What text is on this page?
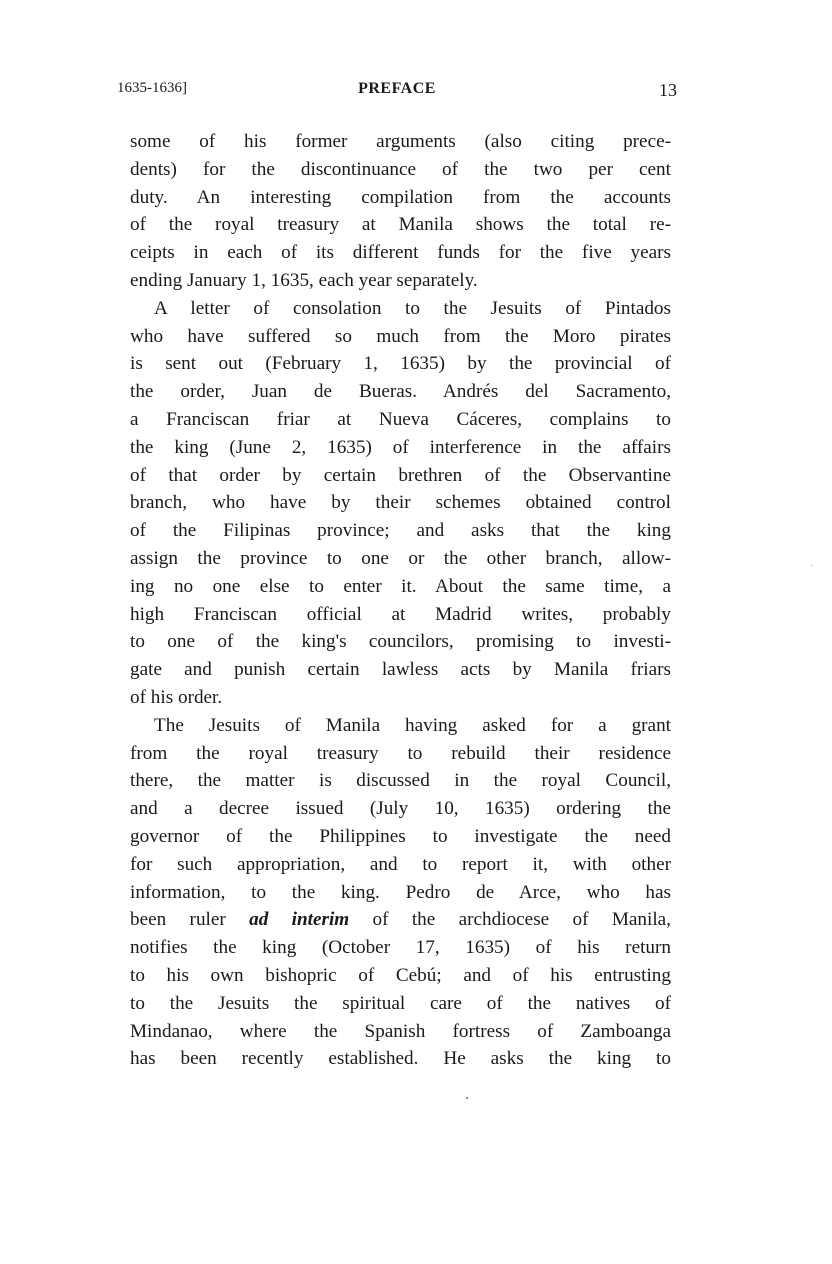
1635-1636]	PREFACE	13
some of his former arguments (also citing prece-
dents) for the discontinuance of the two per cent
duty. An interesting compilation from the accounts
of the royal treasury at Manila shows the total re-
ceipts in each of its different funds for the five years
ending January 1, 1635, each year separately.
A letter of consolation to the Jesuits of Pintados
who have suffered so much from the Moro pirates
is sent out (February 1, 1635) by the provincial of
the order, Juan de Bueras. Andrés del Sacramento,
a Franciscan friar at Nueva Cáceres, complains to
the king (June 2, 1635) of interference in the affairs
of that order by certain brethren of the Observantine
branch, who have by their schemes obtained control
of the Filipinas province; and asks that the king
assign the province to one or the other branch, allow-
ing no one else to enter it. About the same time, a
high Franciscan official at Madrid writes, probably
to one of the king's councilors, promising to investi-
gate and punish certain lawless acts by Manila friars
of his order.
The Jesuits of Manila having asked for a grant
from the royal treasury to rebuild their residence
there, the matter is discussed in the royal Council,
and a decree issued (July 10, 1635) ordering the
governor of the Philippines to investigate the need
for such appropriation, and to report it, with other
information, to the king. Pedro de Arce, who has
been ruler ad interim of the archdiocese of Manila,
notifies the king (October 17, 1635) of his return
to his own bishopric of Cebú; and of his entrusting
to the Jesuits the spiritual care of the natives of
Mindanao, where the Spanish fortress of Zamboanga
has been recently established. He asks the king to
